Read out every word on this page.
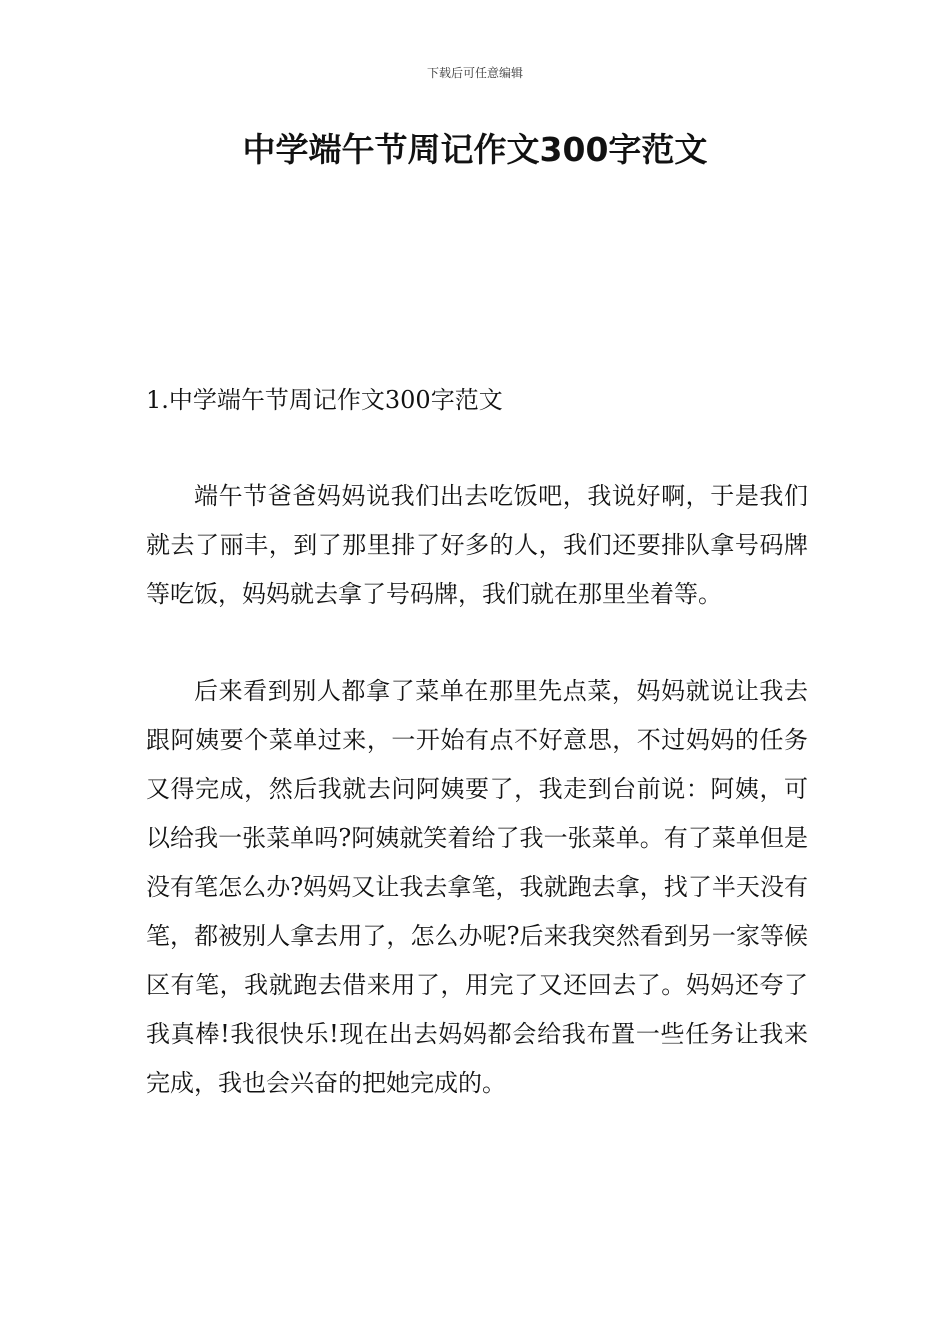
下载后可任意编辑
中学端午节周记作文300字范文

1.中学端午节周记作文300字范文

端午节爸爸妈妈说我们出去吃饭吧，我说好啊，于是我们就去了丽丰，到了那里排了好多的人，我们还要排队拿号码牌等吃饭，妈妈就去拿了号码牌，我们就在那里坐着等。

后来看到别人都拿了菜单在那里先点菜，妈妈就说让我去跟阿姨要个菜单过来，一开始有点不好意思，不过妈妈的任务又得完成，然后我就去问阿姨要了，我走到台前说：阿姨，可以给我一张菜单吗?阿姨就笑着给了我一张菜单。有了菜单但是没有笔怎么办?妈妈又让我去拿笔，我就跑去拿，找了半天没有笔，都被别人拿去用了，怎么办呢?后来我突然看到另一家等候区有笔，我就跑去借来用了，用完了又还回去了。妈妈还夸了我真棒!我很快乐!现在出去妈妈都会给我布置一些任务让我来完成，我也会兴奋的把她完成的。
